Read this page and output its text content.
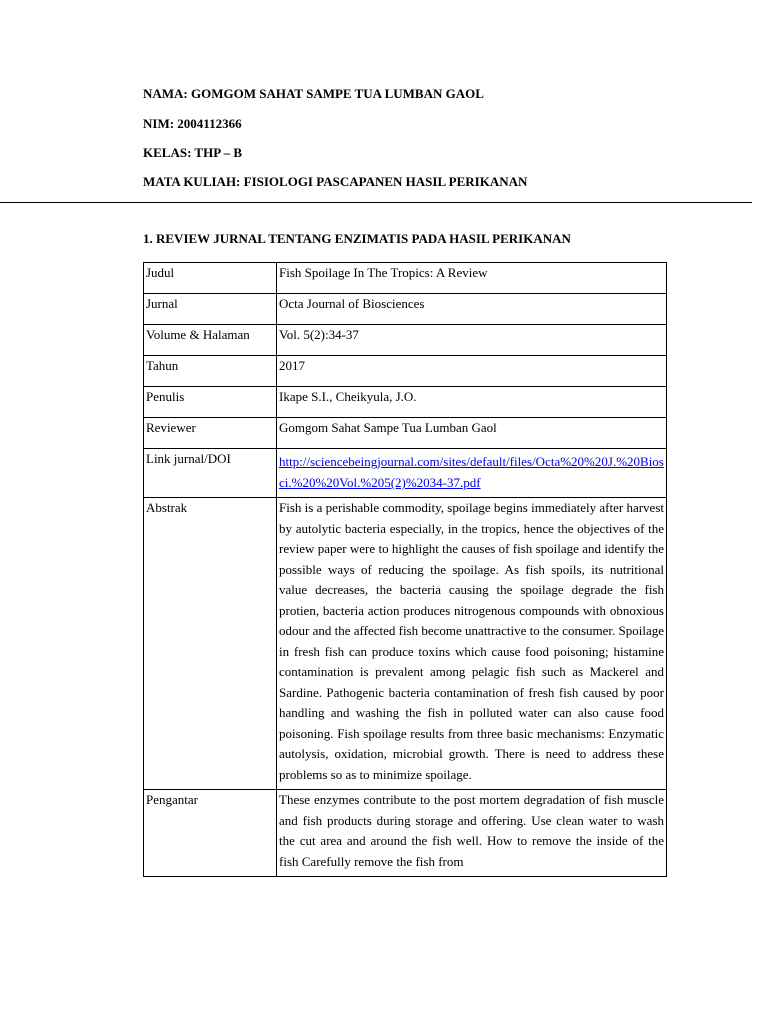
NAMA: GOMGOM SAHAT SAMPE TUA LUMBAN GAOL
NIM: 2004112366
KELAS: THP – B
MATA KULIAH: FISIOLOGI PASCAPANEN HASIL PERIKANAN
1. REVIEW JURNAL TENTANG ENZIMATIS PADA HASIL PERIKANAN
Judul	Fish Spoilage In The Tropics: A Review
Jurnal	Octa Journal of Biosciences
Volume & Halaman	Vol. 5(2):34-37
Tahun	2017
Penulis	Ikape S.I., Cheikyula, J.O.
Reviewer	Gomgom Sahat Sampe Tua Lumban Gaol
Link jurnal/DOI	http://sciencebeingjournal.com/sites/default/files/Octa%20%20J.%20Biosci.%20%20Vol.%205(2)%2034-37.pdf
Abstrak	Fish is a perishable commodity, spoilage begins immediately after harvest by autolytic bacteria especially, in the tropics, hence the objectives of the review paper were to highlight the causes of fish spoilage and identify the possible ways of reducing the spoilage. As fish spoils, its nutritional value decreases, the bacteria causing the spoilage degrade the fish protien, bacteria action produces nitrogenous compounds with obnoxious odour and the affected fish become unattractive to the consumer. Spoilage in fresh fish can produce toxins which cause food poisoning; histamine contamination is prevalent among pelagic fish such as Mackerel and Sardine. Pathogenic bacteria contamination of fresh fish caused by poor handling and washing the fish in polluted water can also cause food poisoning. Fish spoilage results from three basic mechanisms: Enzymatic autolysis, oxidation, microbial growth. There is need to address these problems so as to minimize spoilage.
Pengantar	These enzymes contribute to the post mortem degradation of fish muscle and fish products during storage and offering. Use clean water to wash the cut area and around the fish well. How to remove the inside of the fish Carefully remove the fish from
